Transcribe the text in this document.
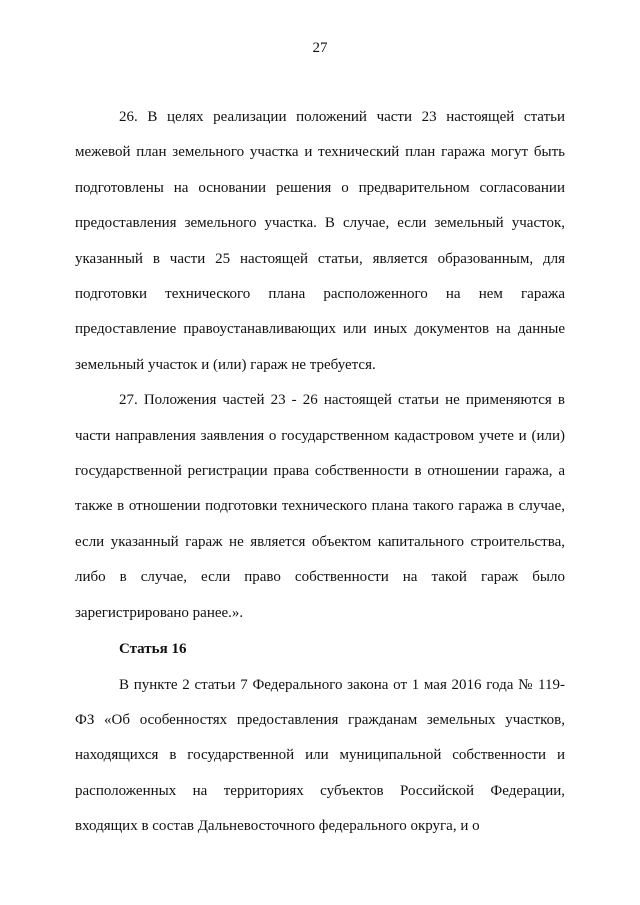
27

26. В целях реализации положений части 23 настоящей статьи межевой план земельного участка и технический план гаража могут быть подготовлены на основании решения о предварительном согласовании предоставления земельного участка. В случае, если земельный участок, указанный в части 25 настоящей статьи, является образованным, для подготовки технического плана расположенного на нем гаража предоставление правоустанавливающих или иных документов на данные земельный участок и (или) гараж не требуется.

27. Положения частей 23 - 26 настоящей статьи не применяются в части направления заявления о государственном кадастровом учете и (или) государственной регистрации права собственности в отношении гаража, а также в отношении подготовки технического плана такого гаража в случае, если указанный гараж не является объектом капитального строительства, либо в случае, если право собственности на такой гараж было зарегистрировано ранее.».

Статья 16

В пункте 2 статьи 7 Федерального закона от 1 мая 2016 года № 119-ФЗ «Об особенностях предоставления гражданам земельных участков, находящихся в государственной или муниципальной собственности и расположенных на территориях субъектов Российской Федерации, входящих в состав Дальневосточного федерального округа, и о
